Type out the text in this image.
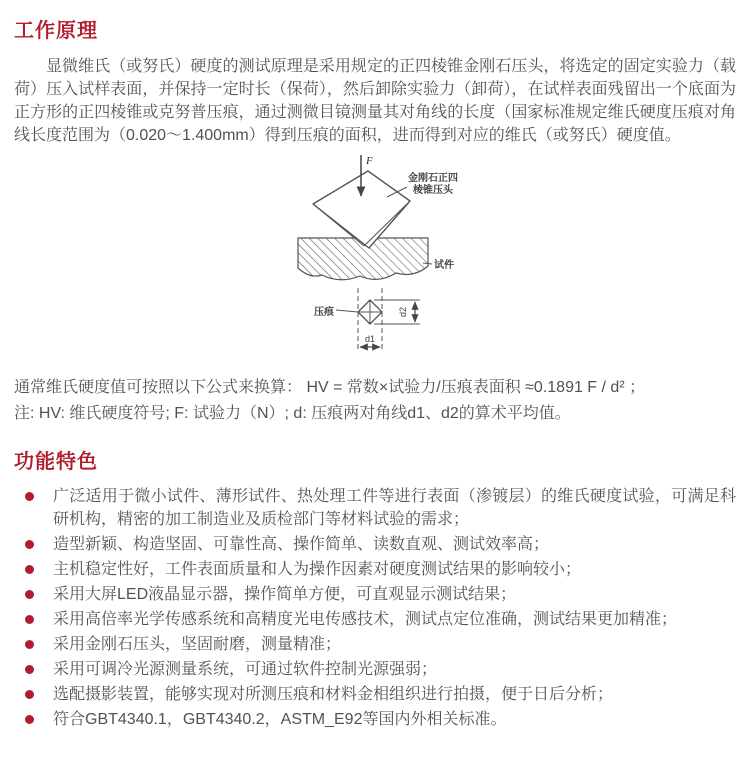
工作原理

显微维氏（或努氏）硬度的测试原理是采用规定的正四棱锥金刚石压头，将选定的固定实验力（载荷）压入试样表面，并保持一定时长（保荷），然后卸除实验力（卸荷），在试样表面残留出一个底面为正方形的正四棱锥或克努普压痕，通过测微目镜测量其对角线的长度（国家标准规定维氏硬度压痕对角线长度范围为（0.020～1.400mm）得到压痕的面积，进而得到对应的维氏（或努氏）硬度值。

F
金刚石正四
棱锥压头
试件
压痕	d2
d1
通常维氏硬度值可按照以下公式来换算： HV = 常数×试验力/压痕表面积 ≈0.1891 F / d² ；
注: HV: 维氏硬度符号; F: 试验力（N）; d: 压痕两对角线d1、d2的算术平均值。
功能特色
广泛适用于微小试件、薄形试件、热处理工件等进行表面（渗镀层）的维氏硬度试验，可满足科研机构，精密的加工制造业及质检部门等材料试验的需求；
造型新颖、构造坚固、可靠性高、操作简单、读数直观、测试效率高；
主机稳定性好，工件表面质量和人为操作因素对硬度测试结果的影响较小；
采用大屏LED液晶显示器，操作简单方便，可直观显示测试结果；
采用高倍率光学传感系统和高精度光电传感技术，测试点定位准确，测试结果更加精准；
采用金刚石压头，坚固耐磨，测量精准；
采用可调冷光源测量系统，可通过软件控制光源强弱；
选配摄影装置，能够实现对所测压痕和材料金相组织进行拍摄，便于日后分析；
符合GBT4340.1，GBT4340.2，ASTM_E92等国内外相关标准。
